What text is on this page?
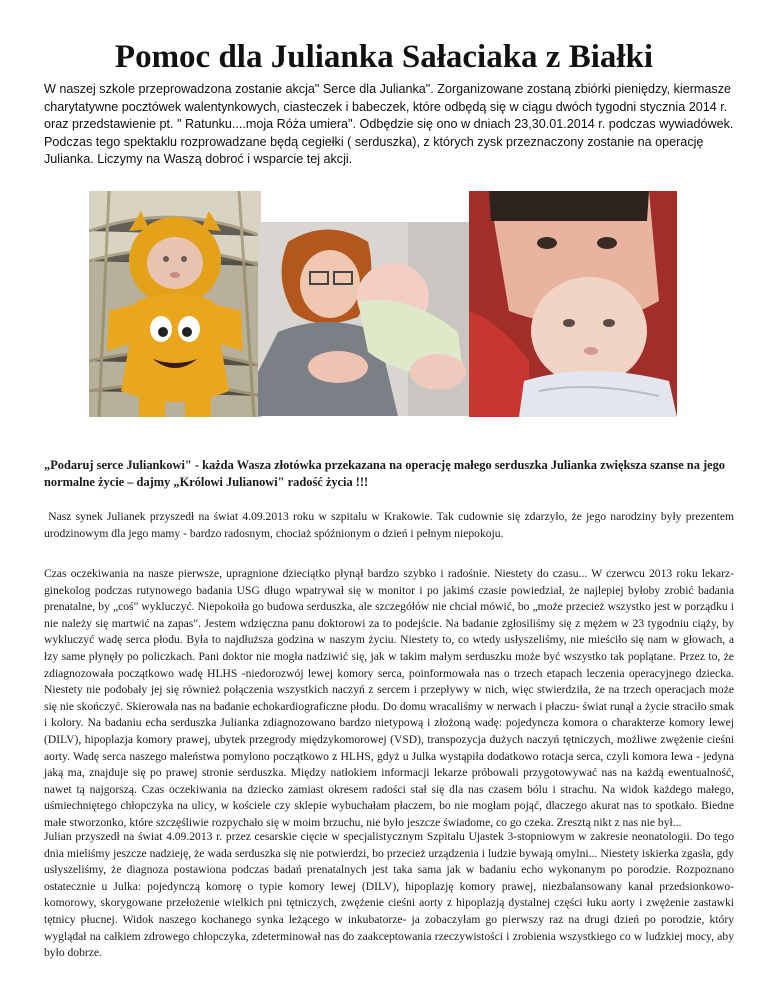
Pomoc dla Julianka Sałaciaka z Białki

W naszej szkole przeprowadzona zostanie akcja" Serce dla Julianka". Zorganizowane zostaną zbiórki pieniędzy, kiermasze charytatywne pocztówek walentynkowych, ciasteczek i babeczek, które odbędą się w ciągu dwóch tygodni stycznia 2014 r. oraz przedstawienie pt. " Ratunku....moja Róża umiera". Odbędzie się ono w dniach 23,30.01.2014 r. podczas wywiadówek. Podczas tego spektaklu rozprowadzane będą cegiełki ( serduszka), z których zysk przeznaczony zostanie na operację Julianka. Liczymy na Waszą dobroć i wsparcie tej akcji.

„Podaruj serce Juliankowi" - każda Wasza złotówka przekazana na operację małego serduszka Julianka zwiększa szanse na jego normalne życie – dajmy „Królowi Julianowi" radość życia !!!

Nasz synek Julianek przyszedł na świat 4.09.2013 roku w szpitalu w Krakowie. Tak cudownie się zdarzyło, że jego narodziny były prezentem urodzinowym dla jego mamy - bardzo radosnym, chociaż spóźnionym o dzień i pełnym niepokoju.

Czas oczekiwania na nasze pierwsze, upragnione dzieciątko płynął bardzo szybko i radośnie. Niestety do czasu... W czerwcu 2013 roku lekarz-ginekolog podczas rutynowego badania USG długo wpatrywał się w monitor i po jakimś czasie powiedział, że najlepiej byłoby zrobić badania prenatalne, by „coś" wykluczyć. Niepokoiła go budowa serduszka, ale szczegółów nie chciał mówić, bo „może przecież wszystko jest w porządku i nie należy się martwić na zapas". Jestem wdzięczna panu doktorowi za to podejście. Na badanie zgłosiliśmy się z mężem w 23 tygodniu ciąży, by wykluczyć wadę serca płodu. Była to najdłuższa godzina w naszym życiu. Niestety to, co wtedy usłyszeliśmy, nie mieściło się nam w głowach, a łzy same płynęły po policzkach. Pani doktor nie mogła nadziwić się, jak w takim małym serduszku może być wszystko tak poplątane. Przez to, że zdiagnozowała początkowo wadę HLHS -niedorozwój lewej komory serca, poinformowała nas o trzech etapach leczenia operacyjnego dziecka. Niestety nie podobały jej się również połączenia wszystkich naczyń z sercem i przepływy w nich, więc stwierdziła, że na trzech operacjach może się nie skończyć. Skierowała nas na badanie echokardiograficzne płodu. Do domu wracaliśmy w nerwach i płaczu- świat runął a życie straciło smak i kolory. Na badaniu echa serduszka Julianka zdiagnozowano bardzo nietypową i złożoną wadę: pojedyncza komora o charakterze komory lewej (DILV), hipoplazja komory prawej, ubytek przegrody międzykomorowej (VSD), transpozycja dużych naczyń tętniczych, możliwe zwężenie cieśni aorty. Wadę serca naszego maleństwa pomylono początkowo z HLHS, gdyż u Julka wystąpiła dodatkowo rotacja serca, czyli komora lewa - jedyna jaką ma, znajduje się po prawej stronie serduszka. Między natłokiem informacji lekarze próbowali przygotowywać nas na każdą ewentualność, nawet tą najgorszą. Czas oczekiwania na dziecko zamiast okresem radości stał się dla nas czasem bólu i strachu. Na widok każdego małego, uśmiechniętego chłopczyka na ulicy, w kościele czy sklepie wybuchałam płaczem, bo nie mogłam pojąć, dlaczego akurat nas to spotkało. Biedne małe stworzonko, które szczęśliwie rozpychało się w moim brzuchu, nie było jeszcze świadome, co go czeka. Zresztą nikt z nas nie był...

Julian przyszedł na świat 4.09.2013 r. przez cesarskie cięcie w specjalistycznym Szpitalu Ujastek 3-stopniowym w zakresie neonatologii. Do tego dnia mieliśmy jeszcze nadzieję, że wada serduszka się nie potwierdzi, bo przecież urządzenia i ludzie bywają omylni... Niestety iskierka zgasła, gdy usłyszeliśmy, że diagnoza postawiona podczas badań prenatalnych jest taka sama jak w badaniu echo wykonanym po porodzie. Rozpoznano ostatecznie u Julka: pojedynczą komorę o typie komory lewej (DILV), hipoplazję komory prawej, niezbalansowany kanał przedsionkowo- komorowy, skorygowane przełożenie wielkich pni tętniczych, zwężenie cieśni aorty z hipoplazją dystalnej części łuku aorty i zwężenie zastawki tętnicy płucnej. Widok naszego kochanego synka leżącego w inkubatorze- ja zobaczyłam go pierwszy raz na drugi dzień po porodzie, który wyglądał na całkiem zdrowego chłopczyka, zdeterminował nas do zaakceptowania rzeczywistości i zrobienia wszystkiego co w ludzkiej mocy, aby było dobrze.
